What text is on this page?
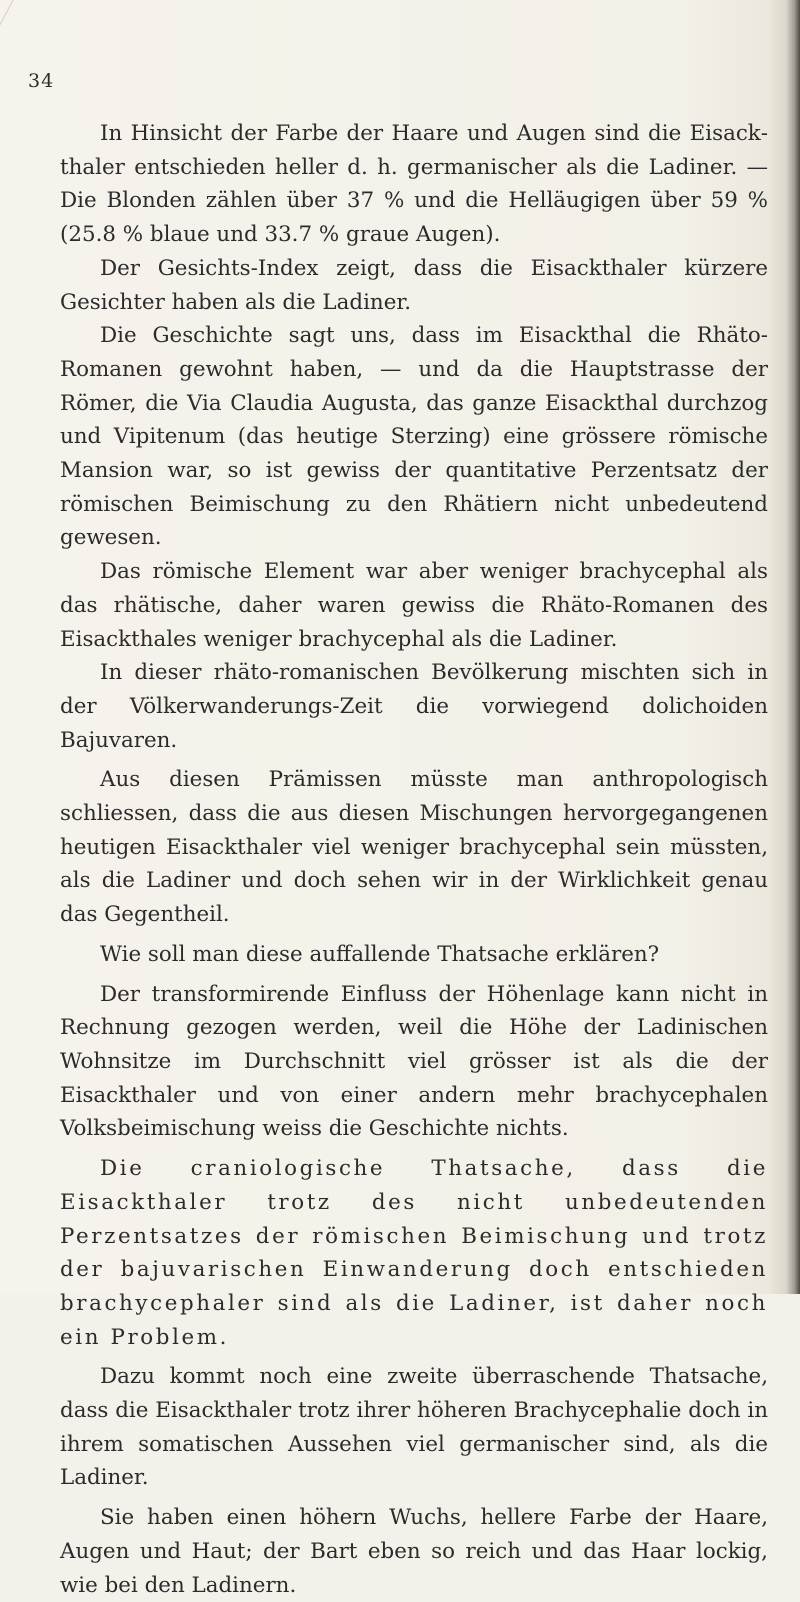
34

In Hinsicht der Farbe der Haare und Augen sind die Eisackthaler entschieden heller d. h. germanischer als die Ladiner. — Die Blonden zählen über 37 % und die Helläugigen über 59 % (25.8 % blaue und 33.7 % graue Augen).

Der Gesichts-Index zeigt, dass die Eisackthaler kürzere Gesichter haben als die Ladiner.

Die Geschichte sagt uns, dass im Eisackthal die Rhäto-Romanen gewohnt haben, — und da die Hauptstrasse der Römer, die Via Claudia Augusta, das ganze Eisackthal durchzog und Vipitenum (das heutige Sterzing) eine grössere römische Mansion war, so ist gewiss der quantitative Perzentsatz der römischen Beimischung zu den Rhätiern nicht unbedeutend gewesen.

Das römische Element war aber weniger brachycephal als das rhätische, daher waren gewiss die Rhäto-Romanen des Eisackthales weniger brachycephal als die Ladiner.

In dieser rhäto-romanischen Bevölkerung mischten sich in der Völkerwanderungs-Zeit die vorwiegend dolichoiden Bajuvaren.

Aus diesen Prämissen müsste man anthropologisch schliessen, dass die aus diesen Mischungen hervorgegangenen heutigen Eisackthaler viel weniger brachycephal sein müssten, als die Ladiner und doch sehen wir in der Wirklichkeit genau das Gegentheil.

Wie soll man diese auffallende Thatsache erklären?

Der transformirende Einfluss der Höhenlage kann nicht in Rechnung gezogen werden, weil die Höhe der Ladinischen Wohnsitze im Durchschnitt viel grösser ist als die der Eisackthaler und von einer andern mehr brachycephalen Volksbeimischung weiss die Geschichte nichts.

Die craniologische Thatsache, dass die Eisackthaler trotz des nicht unbedeutenden Perzentsatzes der römischen Beimischung und trotz der bajuvarischen Einwanderung doch entschieden brachycephaler sind als die Ladiner, ist daher noch ein Problem.

Dazu kommt noch eine zweite überraschende Thatsache, dass die Eisackthaler trotz ihrer höheren Brachycephalie doch in ihrem somatischen Aussehen viel germanischer sind, als die Ladiner.

Sie haben einen höhern Wuchs, hellere Farbe der Haare, Augen und Haut; der Bart eben so reich und das Haar lockig, wie bei den Ladinern.
